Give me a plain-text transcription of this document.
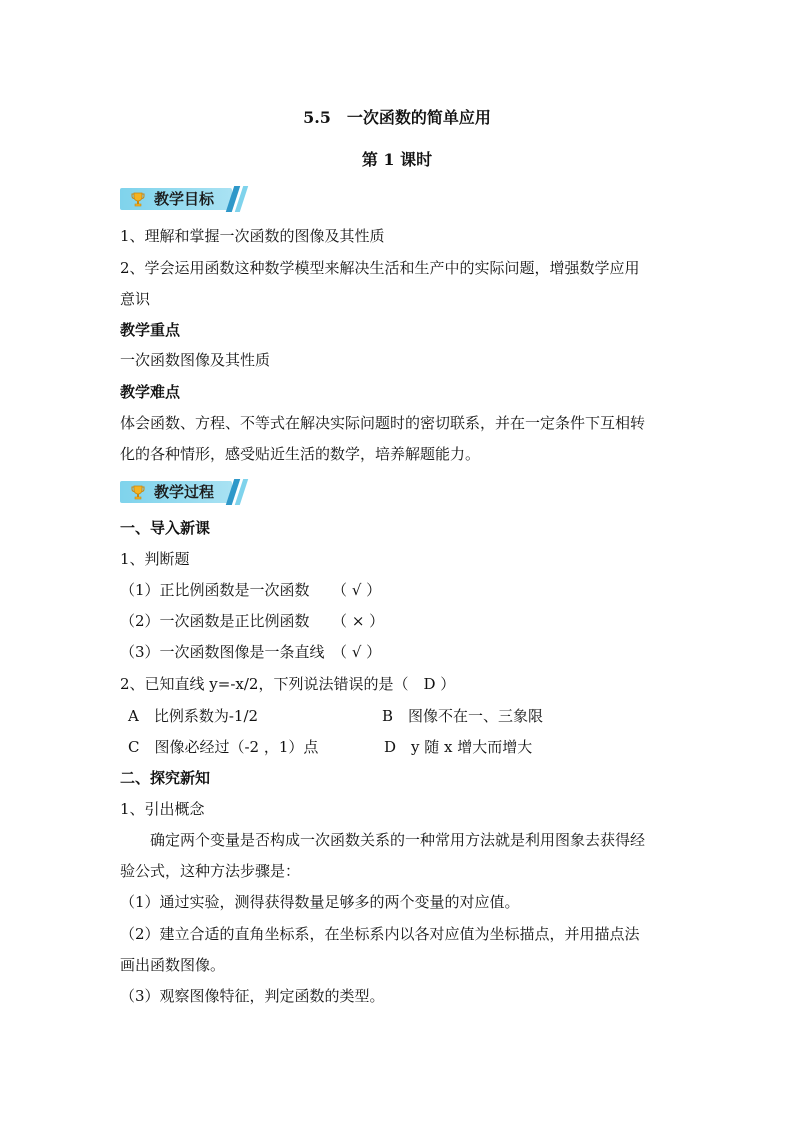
5.5　一次函数的简单应用
第 1 课时
教学目标
1、理解和掌握一次函数的图像及其性质
2、学会运用函数这种数学模型来解决生活和生产中的实际问题，增强数学应用
意识
教学重点
一次函数图像及其性质
教学难点
体会函数、方程、不等式在解决实际问题时的密切联系，并在一定条件下互相转
化的各种情形，感受贴近生活的数学，培养解题能力。
教学过程
一、导入新课
1、判断题
（1）正比例函数是一次函数　　（ √ ）
（2）一次函数是正比例函数　　（ × ）
（3）一次函数图像是一条直线　（ √ ）
2、已知直线 y=-x/2，下列说法错误的是（　D ）
A　比例系数为-1/2	B　图像不在一、三象限
C　图像必经过（-2 ，1）点	D　y 随 x 增大而增大
二、探究新知
1、引出概念
　　确定两个变量是否构成一次函数关系的一种常用方法就是利用图象去获得经
验公式，这种方法步骤是：
（1）通过实验，测得获得数量足够多的两个变量的对应值。
（2）建立合适的直角坐标系，在坐标系内以各对应值为坐标描点，并用描点法
画出函数图像。
（3）观察图像特征，判定函数的类型。
